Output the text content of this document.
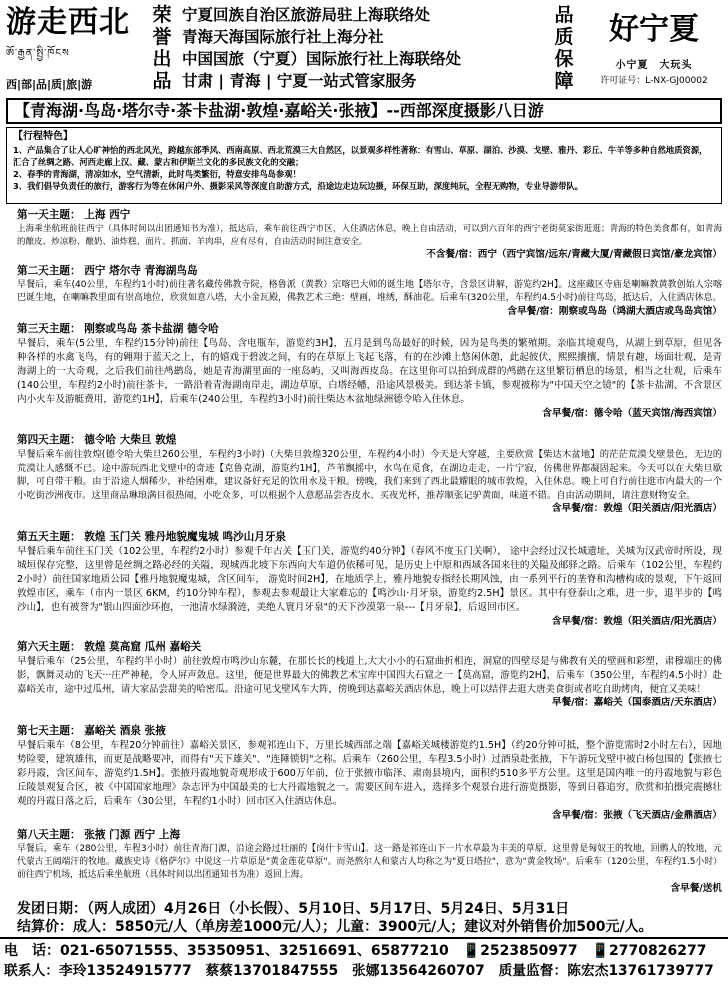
游走西北
ཨོ་རྒྱན་སྤྱི་ཁོངས
西|部|品|质|旅|游
荣
誉
出
品
宁夏回族自治区旅游局驻上海联络处
青海天海国际旅行社上海分社
中国国旅（宁夏）国际旅行社上海联络处
甘肃 | 青海 | 宁夏一站式管家服务
品
质
保
障
好宁夏
小宁夏　大玩头
许可证号：L-NX-GJ00002
【青海湖·鸟岛·塔尔寺·茶卡盐湖·敦煌·嘉峪关·张掖】--西部深度摄影八日游
【行程特色】
1、产品集合了让人心旷神怡的西北风光，跨越东部季风、西南高原、西北荒漠三大自然区，以景观多样性著称：有雪山、草原、湖泊、沙漠、戈壁、雅丹、彩丘、牛羊等多种自然地质资源，汇合了丝绸之路、河西走廊上汉、藏、蒙古和伊斯兰文化的多民族文化的交融；
2、春季的青海湖，清凉如水，空气清新，此时鸟类繁衍，特意安排鸟岛参观！
3、我们倡导负责任的旅行，游客行为等在休闲户外、摄影采风等深度自助游方式，沿途边走边玩边摄，环保互助，深度纯玩，全程无购物，专业导游带队。
第一天主题： 上海 西宁
上海乘坐航班前往西宁（具体时间以出团通知书为准），抵达后，乘车前往西宁市区，入住酒店休息，晚上自由活动，可以到六百年的西宁老街莫家街逛逛；青海的特色美食都有，如青海的酿皮、炒凉粉、酿奶、油炸糕、面片、抓面、羊肉串，应有尽有，自由活动时间注意安全。
不含餐/宿：西宁（西宁宾馆/远东/青藏大厦/青藏假日宾馆/豪龙宾馆）
第二天主题： 西宁 塔尔寺 青海湖鸟岛
早餐后，乘车(40公里，车程约1小时)前往著名藏传佛教寺院，格鲁派（黄教）宗喀巴大师的诞生地【塔尔寺，含景区讲解，游览约2H】。这座藏区寺庙是喇嘛教黄教创始人宗喀巴诞生地，在喇嘛教里面有崇高地位，欣赏如意八塔，大小金瓦殿，佛教艺术三绝：壁画，堆绣，酥油花。后乘车(320公里，车程约4.5小时)前往鸟岛，抵达后，入住酒店休息。
含早餐/宿：刚察或鸟岛（鸿湖大酒店或鸟岛宾馆）
第三天主题： 刚察或鸟岛 茶卡盐湖 德令哈
早餐后，乘车(5公里，车程约15分钟)前往【鸟岛、含电瓶车，游览约3H】，五月是到鸟岛最好的时候，因为是鸟类的繁殖期。亲临其境观鸟，从湖上到草原，但见各种各样的水禽飞鸟，有的翱翔于蓝天之上，有的嬉戏于碧波之间，有的在草原上飞起飞落，有的在沙滩上悠闲休憩，此起彼伏，熙熙攘攘，情景有趣，场面壮观，是青海湖上的一大奇观，之后我们前往鸬鹚岛，她是青海湖里面的一座岛屿，又叫海西皮岛。在这里你可以拍到成群的鸬鹚在这里繁衍栖息的场景，相当之壮观，后乘车(140公里，车程约2小时)前往茶卡，一路沿着青海湖南岸走，湖边草原，白塔经幡，沿途风景极美。到达茶卡镇，参观被称为"中国天空之镜"的【茶卡盐湖、不含景区内小火车及游艇费用，游览约1H】，后乘车(240公里，车程约3小时)前往柴达木盆地绿洲德令哈入住休息。
含早餐/宿：德令哈（蓝天宾馆/海西宾馆）
第四天主题： 德令哈 大柴旦 敦煌
早餐后乘车前往敦煌(德令哈大柴旦260公里，车程约3小时)（大柴旦敦煌320公里，车程约4小时）今天是大穿越，主要欣赏【柴达木盆地】的茫茫荒漠戈壁景色，无边的荒漠让人感慨不已。途中游玩西北戈壁中的奇迹【克鲁克湖，游览约1H】，芦苇飘摇中，水鸟在觅食，在湖边走走，一片宁寂，仿佛世界都凝固起来。今天可以在大柴旦歇脚，可自带干粮。由于沿途人烟稀少，补给困难，建议备好充足的饮用水及干粮。傍晚，我们来到了西北最耀眼的城市敦煌，入住休息。晚上可自行前往逛市内最大的一个小吃街沙洲夜市。这里商品琳琅满目很热闹，小吃众多，可以根据个人意愿品尝杏皮水、买夜光杯，推荐顺张记驴黄面，味道不错。自由活动期间，请注意财物安全。
含早餐/宿：敦煌（阳关酒店/阳光酒店）
第五天主题： 敦煌 玉门关 雅丹地貌魔鬼城 鸣沙山月牙泉
早餐后乘车前往玉门关（102公里，车程约2小时）参观千年古关【玉门关，游览约40分钟】（春风不度玉门关啊）， 途中会经过汉长城遗址，关城为汉武帝时所设，现城垣保存完整，这里曾是丝绸之路必经的关隘，现城西北坡下东西向大车道仍依稀可见，是历史上中原和西域各国来往的关隘及邮驿之路。后乘车（102公里，车程约2小时）前往国家地质公园【雅丹地貌魔鬼城，含区间车， 游览时间2H】，在地质学上，雅丹地貌专指经长期风蚀，由一系列平行的垄脊和沟槽构成的景观，下午返回敦煌市区，乘车（市内一景区 6KM，约10分钟车程），参观去参观最让大家难忘的【鸣沙山·月牙泉，游览约2.5H】景区。其中有登泰山之难，进一步，退半步的【鸣沙山】，也有被誉为"银山四面沙环抱，一池清水绿漪涟，美绝人寰月牙泉"的天下沙漠第一泉---【月牙泉】，后返回市区。
含早餐/宿：敦煌（阳关酒店/阳光酒店）
第六天主题： 敦煌 莫高窟 瓜州 嘉峪关
早餐后乘车（25公里，车程约半小时）前往敦煌市鸣沙山东麓，在那长长的栈道上,大大小小的石窟曲折相连，洞窟的四壁尽是与佛教有关的壁画和彩塑，肃穆端庄的佛影，飘舞灵动的飞天···庄严神秘，令人屏声敛息。这里，便是世界最大的佛教艺术宝库中国四大石窟之一【莫高窟，游览约2H】，后乘车（350公里，车程约4.5小时）赴嘉峪关市，途中过瓜州，请大家品尝甜美的哈密瓜。沿途可见戈壁风车大阵，傍晚到达嘉峪关酒店休息，晚上可以结伴去逛大唐美食街或者吃自助烤肉，便宜又美味！
早餐/宿：嘉峪关（国泰酒店/天东酒店）
第七天主题： 嘉峪关 酒泉 张掖
早餐后乘车（8公里，车程20分钟前往）嘉峪关景区，参观祁连山下、万里长城西部之端【嘉峪关城楼游览约1.5H】（约20分钟可抵，整个游览需时2小时左右），因地势险要，建筑雄伟，而更是战略要冲，而得有"天下雄关"、"连陲锁钥"之称。后乘车（260公里，车程3.5小时）过酒泉赴张掖，下午游玩戈壁中被白杨包围的【张掖七彩丹霞，含区间车，游览约1.5H】。张掖丹霞地貌奇观形成于600万年前，位于张掖市临泽、肃南县境内，面积约510多平方公里。这里是国内唯一的丹霞地貌与彩色丘陵景观复合区，被《中国国家地理》杂志评为中国最美的七大丹霞地貌之一。需要区间车进入，选择多个观景台进行游览摄影，等到日暮追穷，欣赏和拍摄完震撼壮观的丹霞日落之后，后乘车（30公里，车程约1小时）回市区入住酒店休息。
含早餐/宿：张掖（飞天酒店/金鼎酒店）
第八天主题： 张掖 门源 西宁 上海
早餐后，乘车（280公里，车程3小时）前往青海门源，沿途会路过壮丽的【岗什卡雪山】。这一路是祁连山下一片水草最为丰美的草原，这里曾是匈奴王的牧地，回鹘人的牧地，元代蒙古王阔端汗的牧地。藏族史诗《格萨尔》中说这一片草原是"黄金莲花草原"。而尧熬尔人和蒙古人均称之为"夏日塔拉"，意为"黄金牧场"。后乘车（120公里，车程约1.5小时）前往西宁机场，抵达后乘坐航班（具体时间以出团通知书为准）返回上海。
含早餐/送机
发团日期：（两人成团）4月26日（小长假）、5月10日、5月17日、5月24日、5月31日
结算价：成人：5850元/人（单房差1000元/人）；儿童：3900元/人；建议对外销售价加500元/人。
电　话：021-65071555、35350951、32516691、65877210　📱2523850977　📱2770826277
联系人：李玲13524915777　蔡蔡13701847555　张娜13564260707　质量监督：陈宏杰13761739777
